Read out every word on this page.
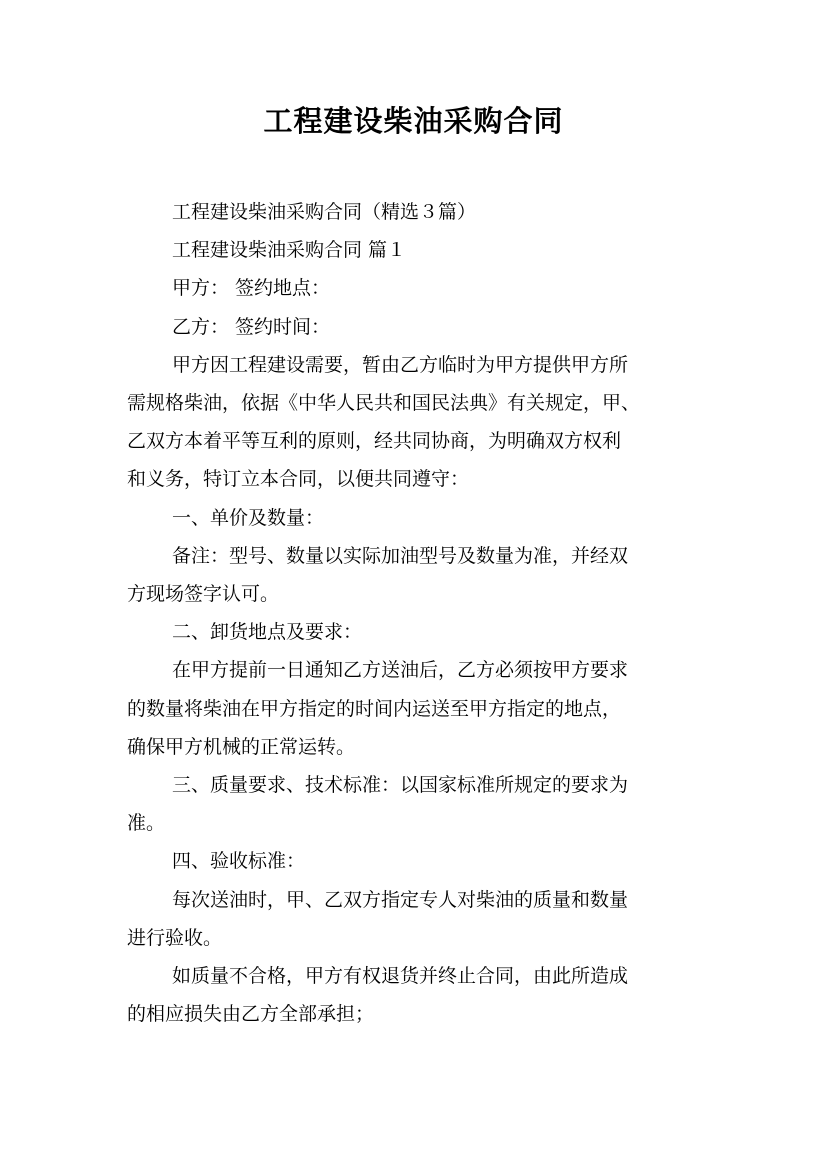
工程建设柴油采购合同

工程建设柴油采购合同（精选３篇）

工程建设柴油采购合同 篇１

甲方： 签约地点：

乙方： 签约时间：

甲方因工程建设需要，暂由乙方临时为甲方提供甲方所

需规格柴油，依据《中华人民共和国民法典》有关规定，甲、

乙双方本着平等互利的原则，经共同协商，为明确双方权利

和义务，特订立本合同，以便共同遵守：

一、单价及数量：

备注：型号、数量以实际加油型号及数量为准，并经双

方现场签字认可。

二、卸货地点及要求：

在甲方提前一日通知乙方送油后，乙方必须按甲方要求

的数量将柴油在甲方指定的时间内运送至甲方指定的地点，

确保甲方机械的正常运转。

三、质量要求、技术标准：以国家标准所规定的要求为

准。

四、验收标准：

每次送油时，甲、乙双方指定专人对柴油的质量和数量

进行验收。

如质量不合格，甲方有权退货并终止合同，由此所造成

的相应损失由乙方全部承担；
